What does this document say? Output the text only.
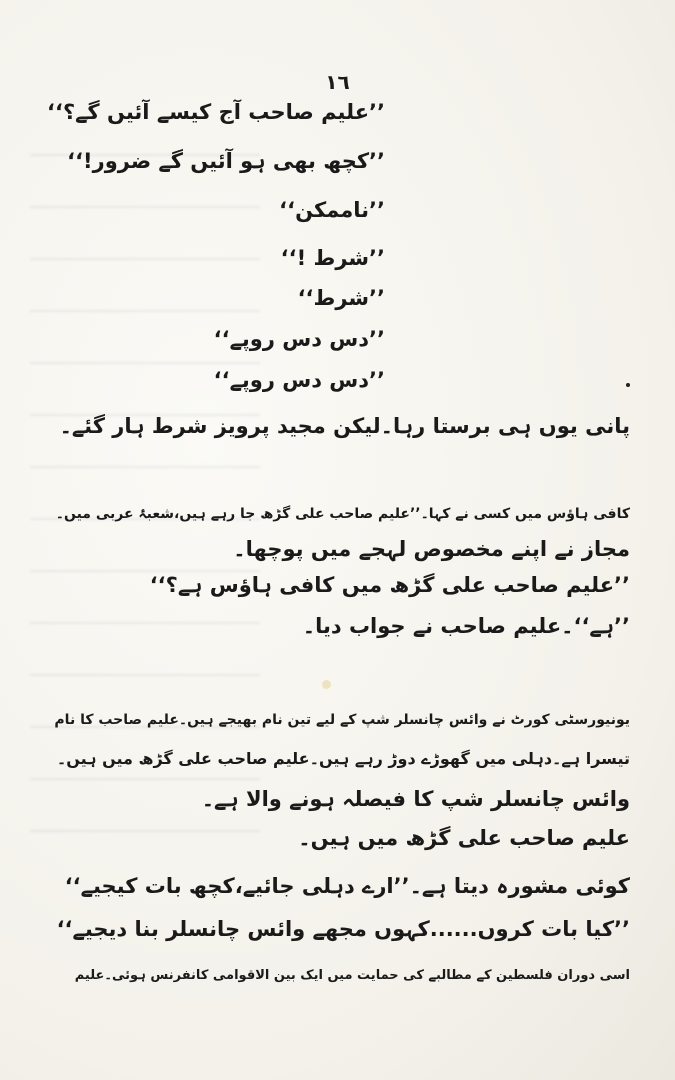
١٦
’’علیم صاحب آج کیسے آئیں گے؟‘‘
’’کچھ بھی ہو آئیں گے ضرور!‘‘
’’ناممکن‘‘
’’شرط !‘‘
’’شرط‘‘
’’دس دس روپے‘‘
’’دس دس روپے‘‘
پانی یوں ہی برستا رہا۔لیکن مجید پرویز شرط ہار گئے۔
کافی ہاؤس میں کسی نے کہا۔’’علیم صاحب علی گڑھ جا رہے ہیں،شعبۂ عربی میں۔
مجاز نے اپنے مخصوص لہجے میں پوچھا۔
’’علیم صاحب علی گڑھ میں کافی ہاؤس ہے؟‘‘
’’ہے‘‘۔علیم صاحب نے جواب دیا۔
یونیورسٹی کورٹ نے وائس چانسلر شپ کے لیے تین نام بھیجے ہیں۔علیم صاحب کا نام
تیسرا ہے۔دہلی میں گھوڑے دوڑ رہے ہیں۔علیم صاحب علی گڑھ میں ہیں۔
وائس چانسلر شپ کا فیصلہ ہونے والا ہے۔
علیم صاحب علی گڑھ میں ہیں۔
کوئی مشورہ دیتا ہے۔’’ارے دہلی جائیے،کچھ بات کیجیے‘‘
’’کیا بات کروں......کہوں مجھے وائس چانسلر بنا دیجیے‘‘
اسی دوران فلسطین کے مطالبے کی حمایت میں ایک بین الاقوامی کانفرنس ہوئی۔علیم
